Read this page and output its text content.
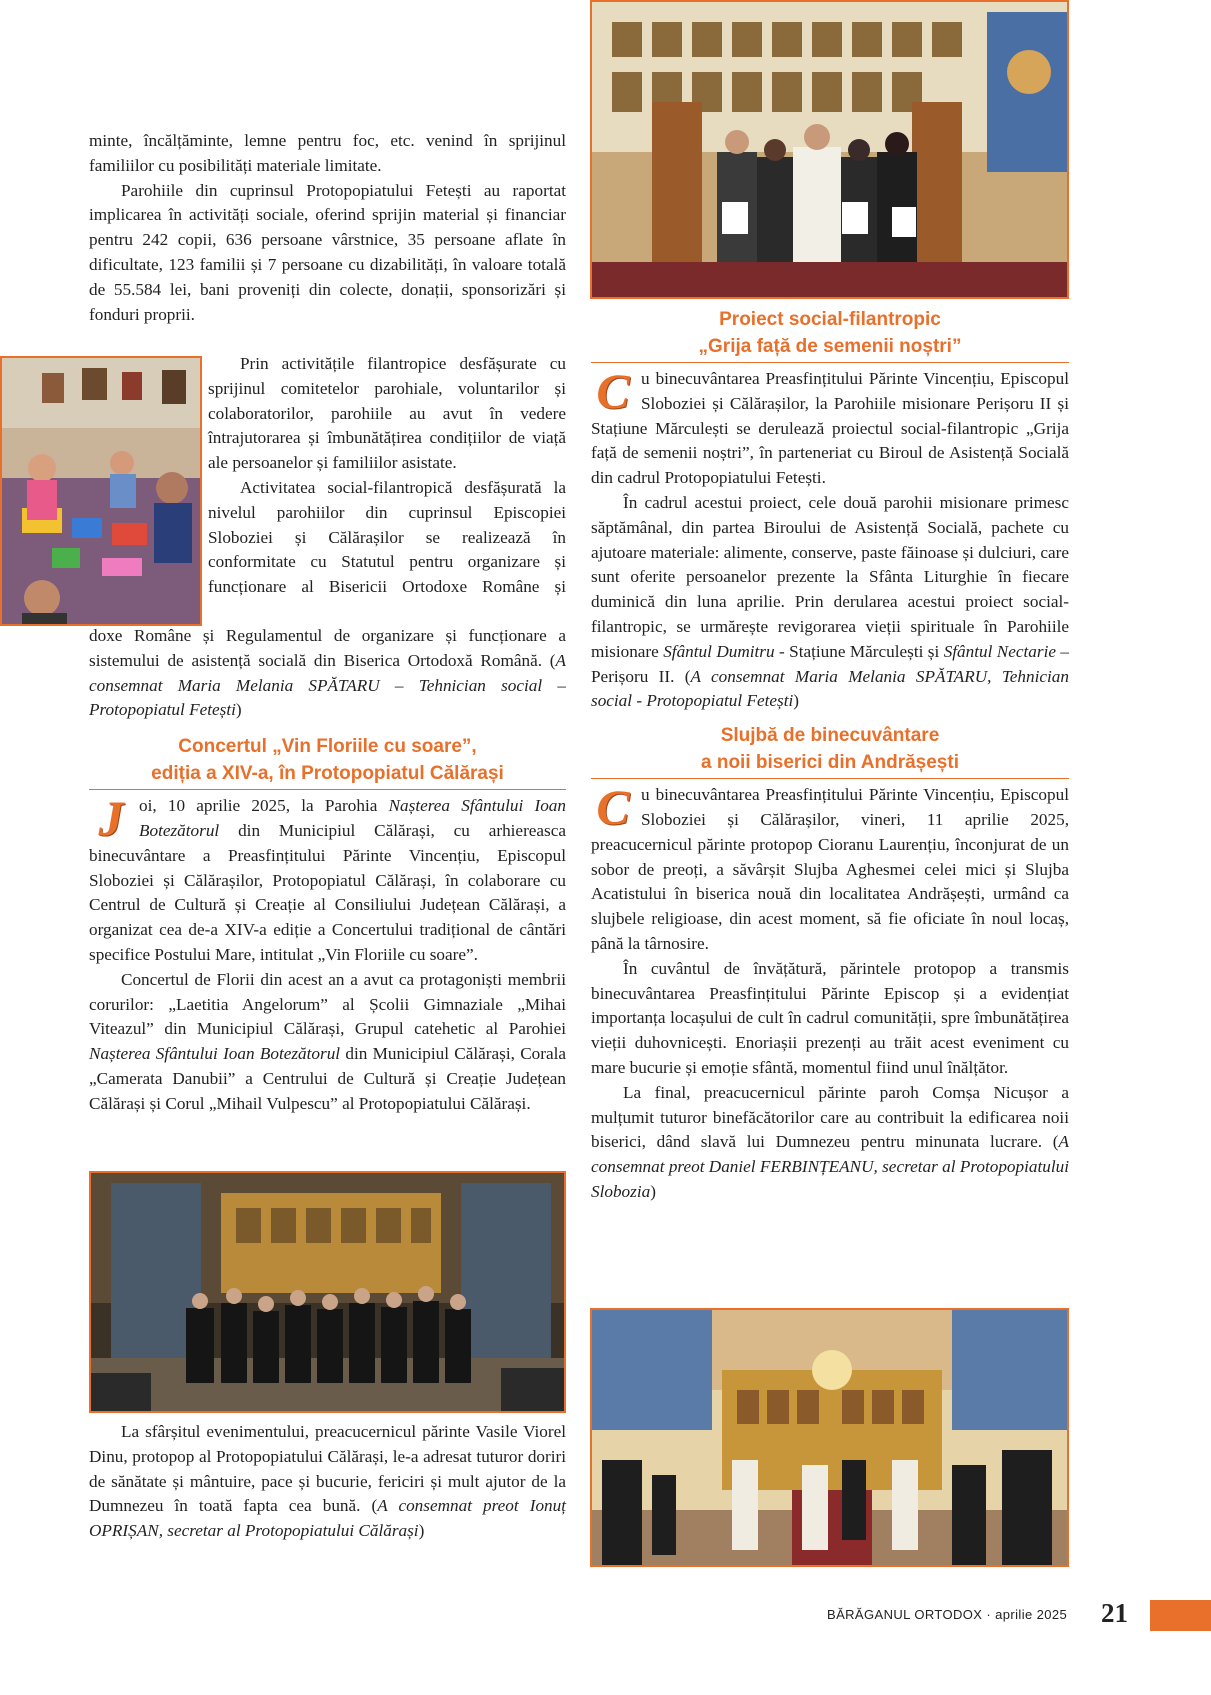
minte, încălțăminte, lemne pentru foc, etc. venind în sprijinul familiilor cu posibilități materiale limitate.

Parohiile din cuprinsul Protopopiatului Fetești au raportat implicarea în activități sociale, oferind sprijin material și financiar pentru 242 copii, 636 persoane vârstnice, 35 persoane aflate în dificultate, 123 familii și 7 persoane cu dizabilități, în valoare totală de 55.584 lei, bani proveniți din colecte, donații, sponsorizări și fonduri proprii.

Prin activitățile filantropice desfășurate cu sprijinul comitetelor parohiale, voluntarilor și colaboratorilor, parohiile au avut în vedere întrajutorarea și îmbunătățirea condițiilor de viață ale persoanelor și familiilor asistate.

Activitatea social-filantropică desfășurată la nivelul parohiilor din cuprinsul Episcopiei Sloboziei și Călărașilor se realizează în conformitate cu Statutul pentru organizare și funcționare al Bisericii Ortodoxe Române și

doxe Române și Regulamentul de organizare și funcționare a sistemului de asistență socială din Biserica Ortodoxă Română. (A consemnat Maria Melania SPĂTARU – Tehnician social – Protopopiatul Fetești)

Concertul „Vin Floriile cu soare”,
ediția a XIV-a, în Protopopiatul Călărași

Joi, 10 aprilie 2025, la Parohia Nașterea Sfântului Ioan Botezătorul din Municipiul Călărași, cu arhiereasca binecuvântare a Preasfințitului Părinte Vincențiu, Episcopul Sloboziei și Călărașilor, Protopopiatul Călărași, în colaborare cu Centrul de Cultură și Creație al Consiliului Județean Călărași, a organizat cea de-a XIV-a ediție a Concertului tradițional de cântări specifice Postului Mare, intitulat „Vin Floriile cu soare”.

Concertul de Florii din acest an a avut ca protagoniști membrii corurilor: „Laetitia Angelorum” al Școlii Gimnaziale „Mihai Viteazul” din Municipiul Călărași, Grupul catehetic al Parohiei Nașterea Sfântului Ioan Botezătorul din Municipiul Călărași, Corala „Camerata Danubii” a Centrului de Cultură și Creație Județean Călărași și Corul „Mihail Vulpescu” al Protopopiatului Călărași.

La sfârșitul evenimentului, preacucernicul părinte Vasile Viorel Dinu, protopop al Protopopiatului Călărași, le-a adresat tuturor doriri de sănătate și mântuire, pace și bucurie, fericiri și mult ajutor de la Dumnezeu în toată fapta cea bună. (A consemnat preot Ionuț OPRIȘAN, secretar al Protopopiatului Călărași)

Proiect social-filantropic
„Grija față de semenii noștri”

Cu binecuvântarea Preasfințitului Părinte Vincențiu, Episcopul Sloboziei și Călărașilor, la Parohiile misionare Perișoru II și Stațiune Mărculești se derulează proiectul social-filantropic „Grija față de semenii noștri”, în parteneriat cu Biroul de Asistență Socială din cadrul Protopopiatului Fetești.

În cadrul acestui proiect, cele două parohii misionare primesc săptămânal, din partea Biroului de Asistență Socială, pachete cu ajutoare materiale: alimente, conserve, paste făinoase și dulciuri, care sunt oferite persoanelor prezente la Sfânta Liturghie în fiecare duminică din luna aprilie. Prin derularea acestui proiect social-filantropic, se urmărește revigorarea vieții spirituale în Parohiile misionare Sfântul Dumitru - Stațiune Mărculești și Sfântul Nectarie – Perișoru II. (A consemnat Maria Melania SPĂTARU, Tehnician social - Protopopiatul Fetești)

Slujbă de binecuvântare
a noii biserici din Andrășești

Cu binecuvântarea Preasfințitului Părinte Vincențiu, Episcopul Sloboziei și Călărașilor, vineri, 11 aprilie 2025, preacucernicul părinte protopop Cioranu Laurențiu, înconjurat de un sobor de preoți, a săvârșit Slujba Aghesmei celei mici și Slujba Acatistului în biserica nouă din localitatea Andrășești, urmând ca slujbele religioase, din acest moment, să fie oficiate în noul locaș, până la târnosire.

În cuvântul de învățătură, părintele protopop a transmis binecuvântarea Preasfințitului Părinte Episcop și a evidențiat importanța locașului de cult în cadrul comunității, spre îmbunătățirea vieții duhovnicești. Enoriașii prezenți au trăit acest eveniment cu mare bucurie și emoție sfântă, momentul fiind unul înălțător.

La final, preacucernicul părinte paroh Comșa Nicușor a mulțumit tuturor binefăcătorilor care au contribuit la edificarea noii biserici, dând slavă lui Dumnezeu pentru minunata lucrare. (A consemnat preot Daniel FERBINȚEANU, secretar al Protopopiatului Slobozia)

BĂRĂGANUL ORTODOX · aprilie 2025 21
